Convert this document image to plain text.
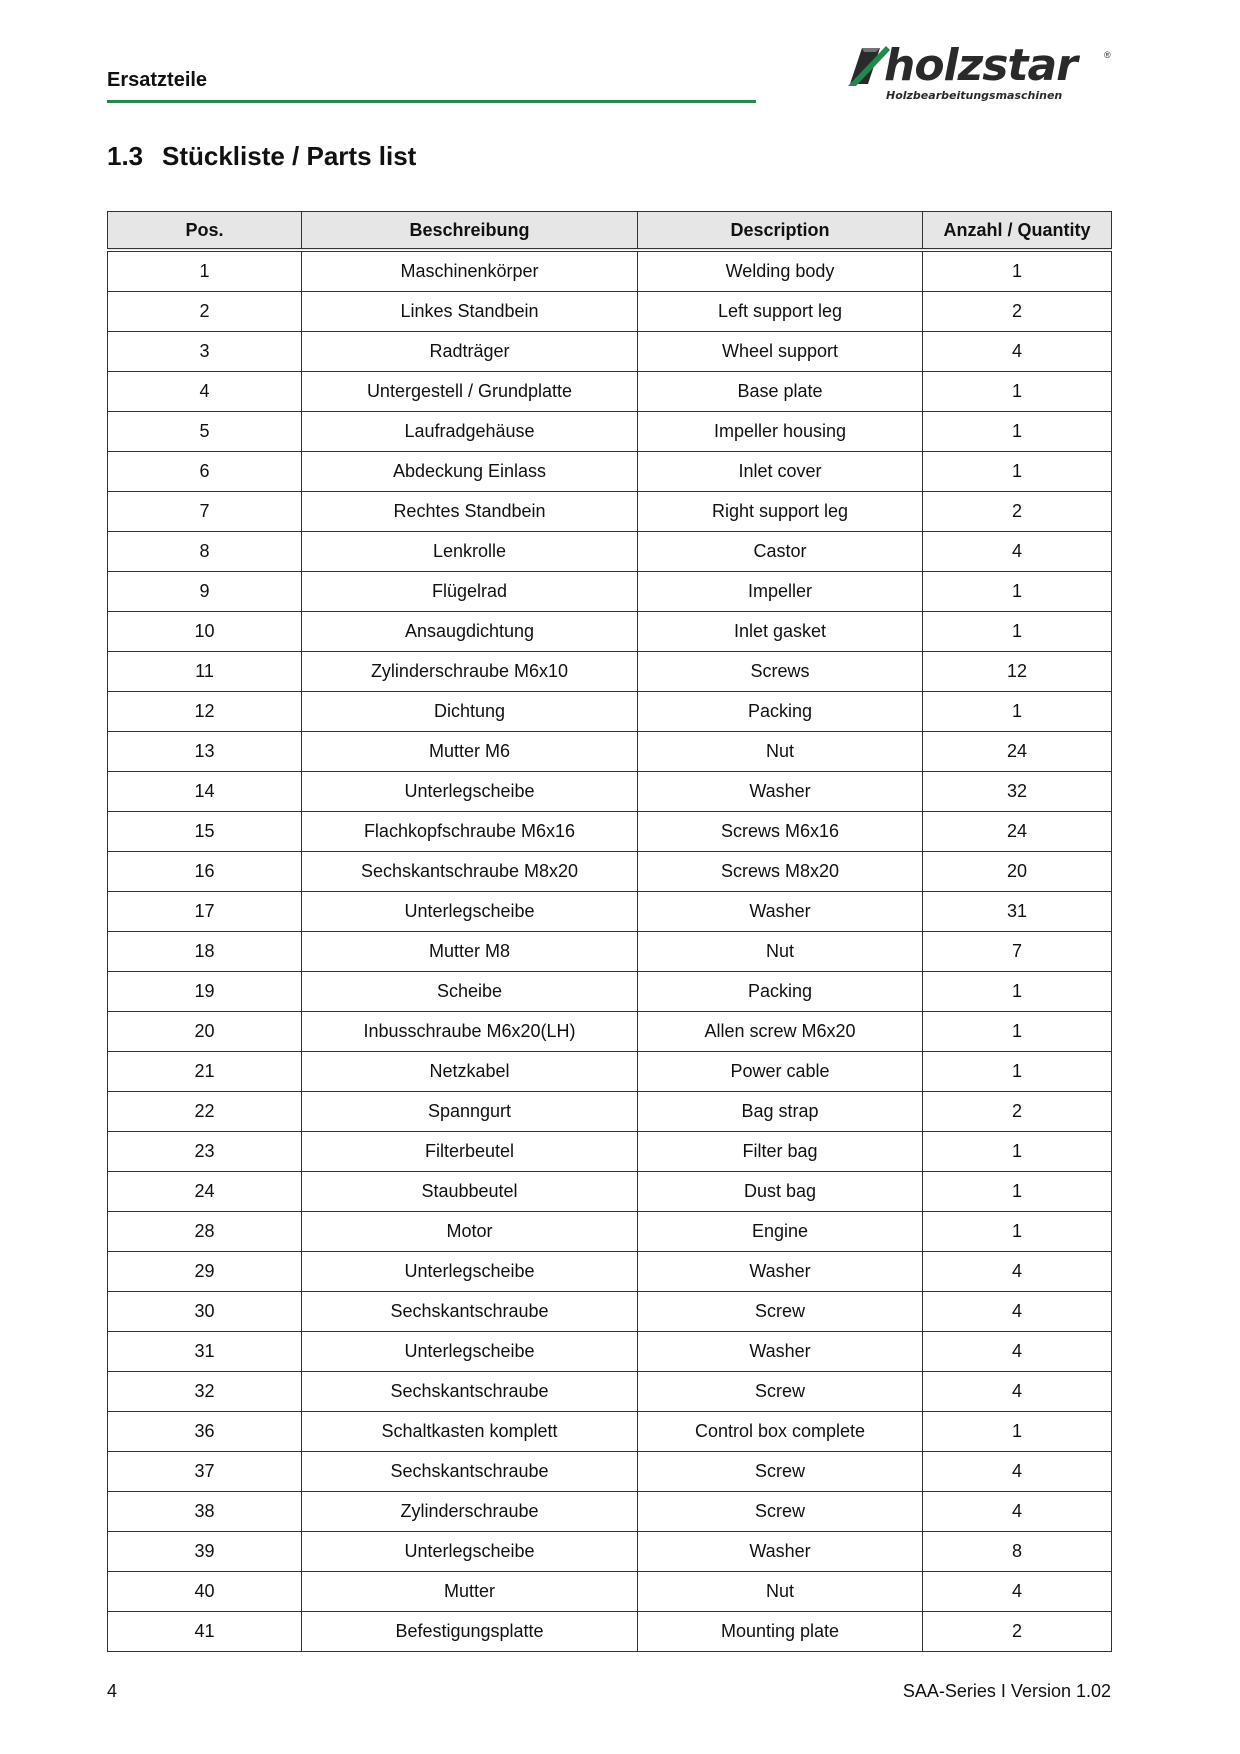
Ersatzteile	holzstar	®
Holzbearbeitungsmaschinen
1.3 Stückliste / Parts list
Pos.	Beschreibung	Description	Anzahl / Quantity
1	Maschinenkörper	Welding body	1
2	Linkes Standbein	Left support leg	2
3	Radträger	Wheel support	4
4	Untergestell / Grundplatte	Base plate	1
5	Laufradgehäuse	Impeller housing	1
6	Abdeckung Einlass	Inlet cover	1
7	Rechtes Standbein	Right support leg	2
8	Lenkrolle	Castor	4
9	Flügelrad	Impeller	1
10	Ansaugdichtung	Inlet gasket	1
11	Zylinderschraube M6x10	Screws	12
12	Dichtung	Packing	1
13	Mutter M6	Nut	24
14	Unterlegscheibe	Washer	32
15	Flachkopfschraube M6x16	Screws M6x16	24
16	Sechskantschraube M8x20	Screws M8x20	20
17	Unterlegscheibe	Washer	31
18	Mutter M8	Nut	7
19	Scheibe	Packing	1
20	Inbusschraube M6x20(LH)	Allen screw M6x20	1
21	Netzkabel	Power cable	1
22	Spanngurt	Bag strap	2
23	Filterbeutel	Filter bag	1
24	Staubbeutel	Dust bag	1
28	Motor	Engine	1
29	Unterlegscheibe	Washer	4
30	Sechskantschraube	Screw	4
31	Unterlegscheibe	Washer	4
32	Sechskantschraube	Screw	4
36	Schaltkasten komplett	Control box complete	1
37	Sechskantschraube	Screw	4
38	Zylinderschraube	Screw	4
39	Unterlegscheibe	Washer	8
40	Mutter	Nut	4
41	Befestigungsplatte	Mounting plate	2
4	SAA-Series I Version 1.02
